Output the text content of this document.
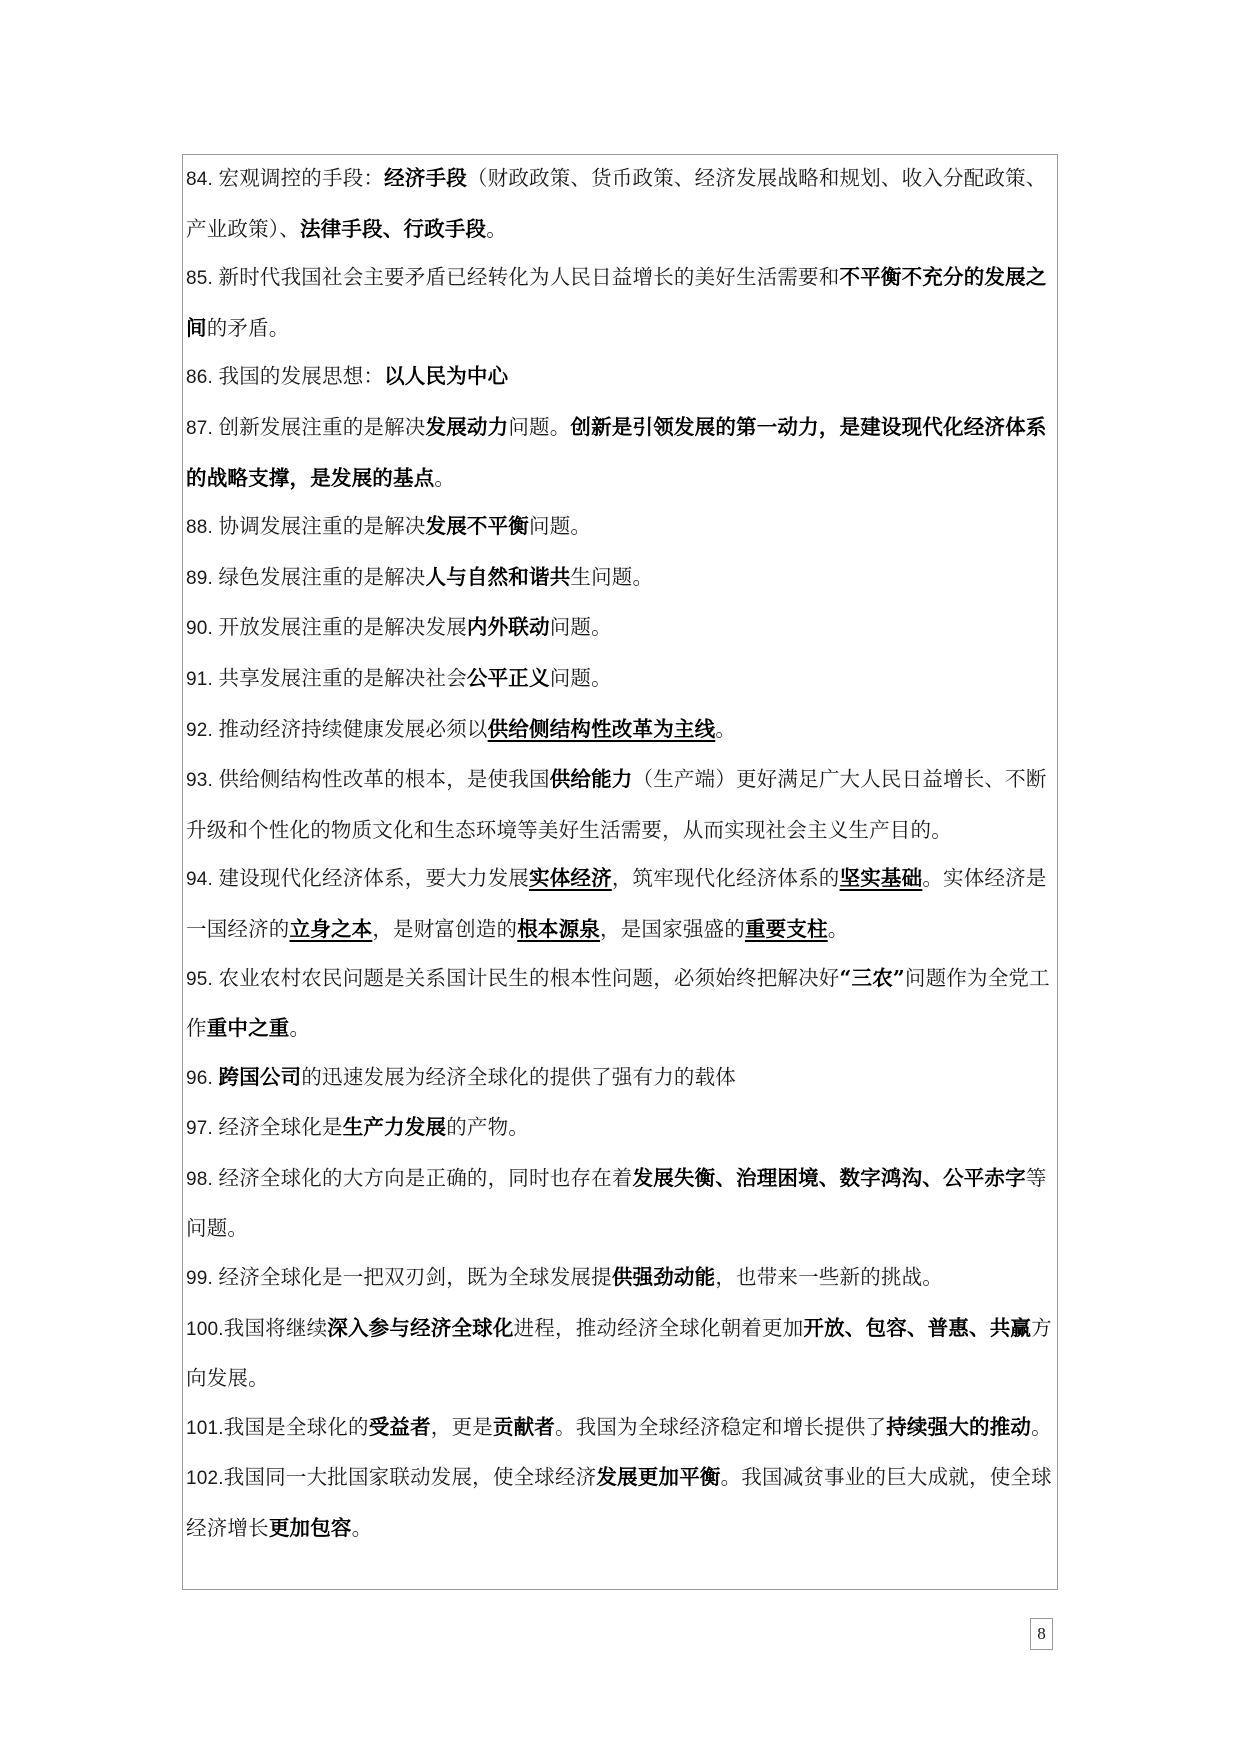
84. 宏观调控的手段：经济手段（财政政策、货币政策、经济发展战略和规划、收入分配政策、产业政策）、法律手段、行政手段。

85. 新时代我国社会主要矛盾已经转化为人民日益增长的美好生活需要和不平衡不充分的发展之间的矛盾。

86. 我国的发展思想：以人民为中心

87. 创新发展注重的是解决发展动力问题。创新是引领发展的第一动力，是建设现代化经济体系的战略支撑，是发展的基点。

88. 协调发展注重的是解决发展不平衡问题。

89. 绿色发展注重的是解决人与自然和谐共生问题。

90. 开放发展注重的是解决发展内外联动问题。

91. 共享发展注重的是解决社会公平正义问题。

92. 推动经济持续健康发展必须以供给侧结构性改革为主线。

93. 供给侧结构性改革的根本，是使我国供给能力（生产端）更好满足广大人民日益增长、不断升级和个性化的物质文化和生态环境等美好生活需要，从而实现社会主义生产目的。

94. 建设现代化经济体系，要大力发展实体经济，筑牢现代化经济体系的坚实基础。实体经济是一国经济的立身之本，是财富创造的根本源泉，是国家强盛的重要支柱。

95. 农业农村农民问题是关系国计民生的根本性问题，必须始终把解决好“三农”问题作为全党工作重中之重。

96. 跨国公司的迅速发展为经济全球化的提供了强有力的载体

97. 经济全球化是生产力发展的产物。

98. 经济全球化的大方向是正确的，同时也存在着发展失衡、治理困境、数字鸿沟、公平赤字等问题。

99. 经济全球化是一把双刃剑，既为全球发展提供强劲动能，也带来一些新的挑战。

100.我国将继续深入参与经济全球化进程，推动经济全球化朝着更加开放、包容、普惠、共赢方向发展。

101.我国是全球化的受益者，更是贡献者。我国为全球经济稳定和增长提供了持续强大的推动。

102.我国同一大批国家联动发展，使全球经济发展更加平衡。我国减贫事业的巨大成就，使全球经济增长更加包容。

8
